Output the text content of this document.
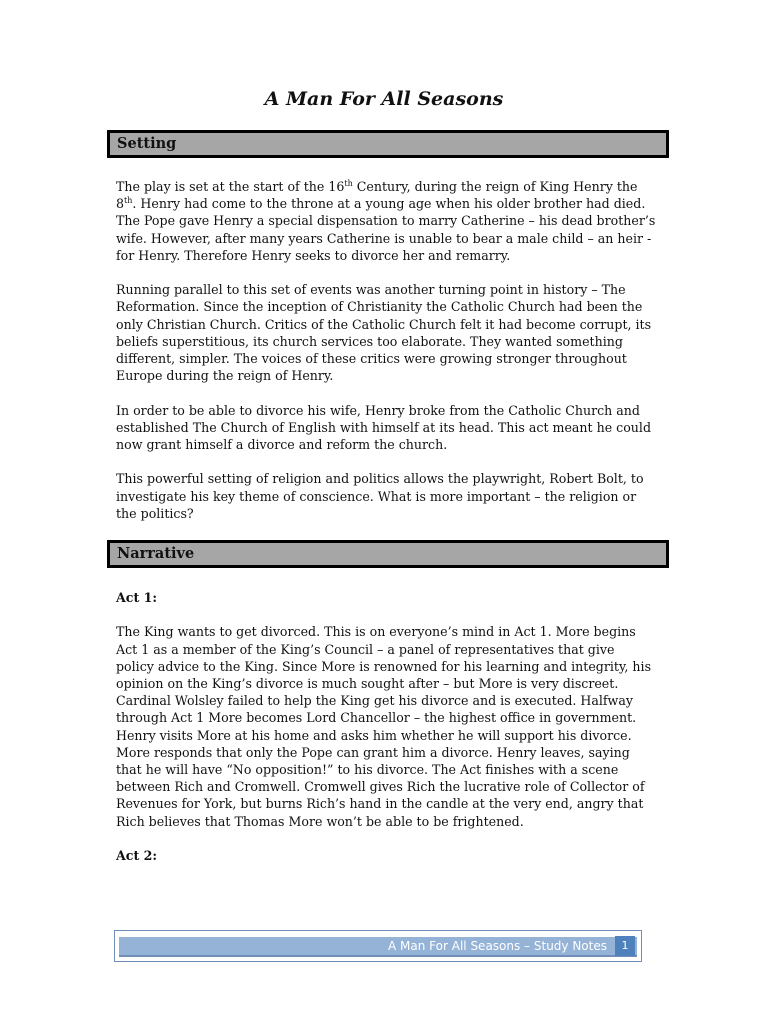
A Man For All Seasons
Setting

The play is set at the start of the 16th Century, during the reign of King Henry the 8th. Henry had come to the throne at a young age when his older brother had died. The Pope gave Henry a special dispensation to marry Catherine – his dead brother’s wife. However, after many years Catherine is unable to bear a male child – an heir - for Henry. Therefore Henry seeks to divorce her and remarry.

Running parallel to this set of events was another turning point in history – The Reformation. Since the inception of Christianity the Catholic Church had been the only Christian Church. Critics of the Catholic Church felt it had become corrupt, its beliefs superstitious, its church services too elaborate. They wanted something different, simpler. The voices of these critics were growing stronger throughout Europe during the reign of Henry.

In order to be able to divorce his wife, Henry broke from the Catholic Church and established The Church of English with himself at its head. This act meant he could now grant himself a divorce and reform the church.

This powerful setting of religion and politics allows the playwright, Robert Bolt, to investigate his key theme of conscience. What is more important – the religion or the politics?

Narrative

Act 1:

The King wants to get divorced. This is on everyone’s mind in Act 1. More begins Act 1 as a member of the King’s Council – a panel of representatives that give policy advice to the King. Since More is renowned for his learning and integrity, his opinion on the King’s divorce is much sought after – but More is very discreet. Cardinal Wolsley failed to help the King get his divorce and is executed. Halfway through Act 1 More becomes Lord Chancellor – the highest office in government. Henry visits More at his home and asks him whether he will support his divorce. More responds that only the Pope can grant him a divorce. Henry leaves, saying that he will have “No opposition!” to his divorce. The Act finishes with a scene between Rich and Cromwell. Cromwell gives Rich the lucrative role of Collector of Revenues for York, but burns Rich’s hand in the candle at the very end, angry that Rich believes that Thomas More won’t be able to be frightened.

Act 2:

A Man For All Seasons – Study Notes	1
